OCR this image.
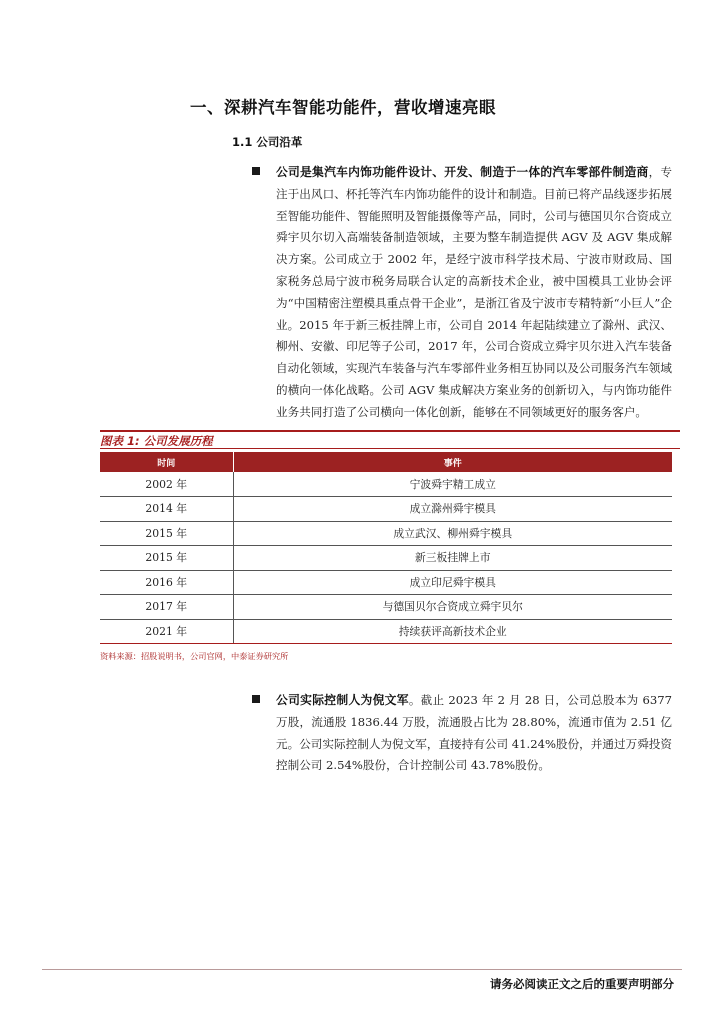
一、深耕汽车智能功能件，营收增速亮眼
1.1 公司沿革
公司是集汽车内饰功能件设计、开发、制造于一体的汽车零部件制造商，专注于出风口、杯托等汽车内饰功能件的设计和制造。目前已将产品线逐步拓展至智能功能件、智能照明及智能摄像等产品，同时，公司与德国贝尔合资成立舜宇贝尔切入高端装备制造领域，主要为整车制造提供 AGV 及 AGV 集成解决方案。公司成立于 2002 年，是经宁波市科学技术局、宁波市财政局、国家税务总局宁波市税务局联合认定的高新技术企业，被中国模具工业协会评为“中国精密注塑模具重点骨干企业”，是浙江省及宁波市专精特新“小巨人”企业。2015 年于新三板挂牌上市，公司自 2014 年起陆续建立了滁州、武汉、柳州、安徽、印尼等子公司，2017 年，公司合资成立舜宇贝尔进入汽车装备自动化领域，实现汽车装备与汽车零部件业务相互协同以及公司服务汽车领域的横向一体化战略。公司 AGV 集成解决方案业务的创新切入，与内饰功能件业务共同打造了公司横向一体化创新，能够在不同领域更好的服务客户。
图表 1: 公司发展历程
时间	事件
2002 年	宁波舜宇精工成立
2014 年	成立滁州舜宇模具
2015 年	成立武汉、柳州舜宇模具
2015 年	新三板挂牌上市
2016 年	成立印尼舜宇模具
2017 年	与德国贝尔合资成立舜宇贝尔
2021 年	持续获评高新技术企业
资料来源：招股说明书，公司官网，中泰证券研究所
公司实际控制人为倪文军。截止 2023 年 2 月 28 日，公司总股本为 6377 万股，流通股 1836.44 万股，流通股占比为 28.80%，流通市值为 2.51 亿元。公司实际控制人为倪文军，直接持有公司 41.24%股份，并通过万舜投资控制公司 2.54%股份，合计控制公司 43.78%股份。
请务必阅读正文之后的重要声明部分
